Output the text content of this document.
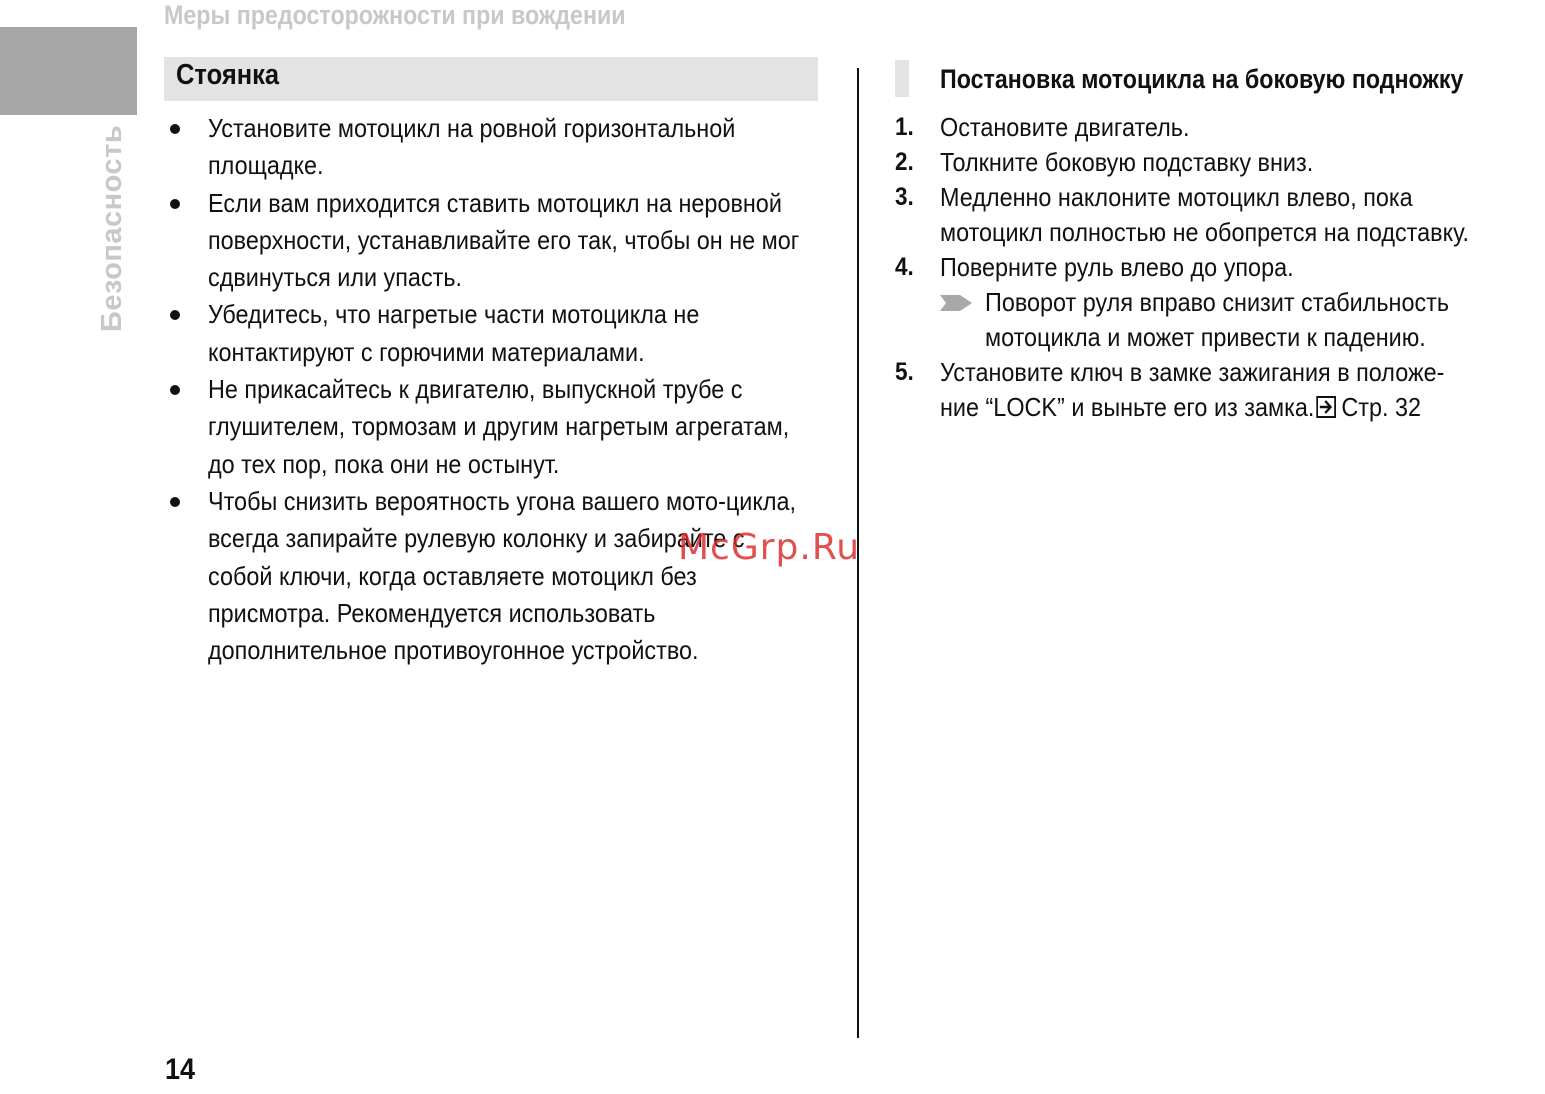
Меры предосторожности при вождении
Безопасность
Стоянка
Установите мотоцикл на ровной горизонтальной площадке.
Если вам приходится ставить мотоцикл на неровной поверхности, устанавливайте его так, чтобы он не мог сдвинуться или упасть.
Убедитесь, что нагретые части мотоцикла не контактируют с горючими материалами.
Не прикасайтесь к двигателю, выпускной трубе с глушителем, тормозам и другим нагретым агрегатам, до тех пор, пока они не остынут.
Чтобы снизить вероятность угона вашего мото-цикла, всегда запирайте рулевую колонку и забирайте с собой ключи, когда оставляете мотоцикл без присмотра. Рекомендуется использовать дополнительное противоугонное устройство.
Постановка мотоцикла на боковую подножку
1. Остановите двигатель.
2. Толкните боковую подставку вниз.
3. Медленно наклоните мотоцикл влево, пока
мотоцикл полностью не обопрется на подставку.
4. Поверните руль влево до упора.
Поворот руля вправо снизит стабильность
мотоцикла и может привести к падению.
5. Установите ключ в замке зажигания в положе-
ние “LOCK” и выньте его из замка. Стр. 32
14
McGrp.Ru
